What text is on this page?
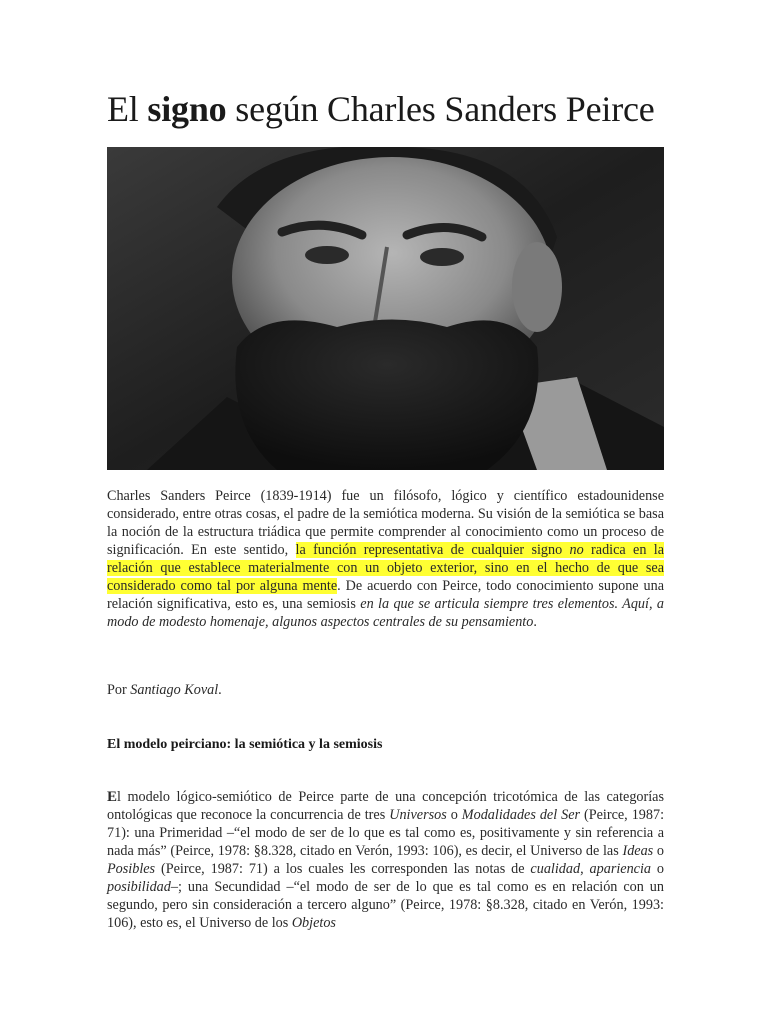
El signo según Charles Sanders Peirce
Charles Sanders Peirce (1839-1914) fue un filósofo, lógico y científico estadounidense considerado, entre otras cosas, el padre de la semiótica moderna. Su visión de la semiótica se basa la noción de la estructura triádica que permite comprender al conocimiento como un proceso de significación. En este sentido, la función representativa de cualquier signo no radica en la relación que establece materialmente con un objeto exterior, sino en el hecho de que sea considerado como tal por alguna mente. De acuerdo con Peirce, todo conocimiento supone una relación significativa, esto es, una semiosis en la que se articula siempre tres elementos. Aquí, a modo de modesto homenaje, algunos aspectos centrales de su pensamiento.
Por Santiago Koval.
El modelo peirciano: la semiótica y la semiosis
El modelo lógico-semiótico de Peirce parte de una concepción tricotómica de las categorías ontológicas que reconoce la concurrencia de tres Universos o Modalidades del Ser (Peirce, 1987: 71): una Primeridad –“el modo de ser de lo que es tal como es, positivamente y sin referencia a nada más” (Peirce, 1978: §8.328, citado en Verón, 1993: 106), es decir, el Universo de las Ideas o Posibles (Peirce, 1987: 71) a los cuales les corresponden las notas de cualidad, apariencia o posibilidad–; una Secundidad –“el modo de ser de lo que es tal como es en relación con un segundo, pero sin consideración a tercero alguno” (Peirce, 1978: §8.328, citado en Verón, 1993: 106), esto es, el Universo de los Objetos
